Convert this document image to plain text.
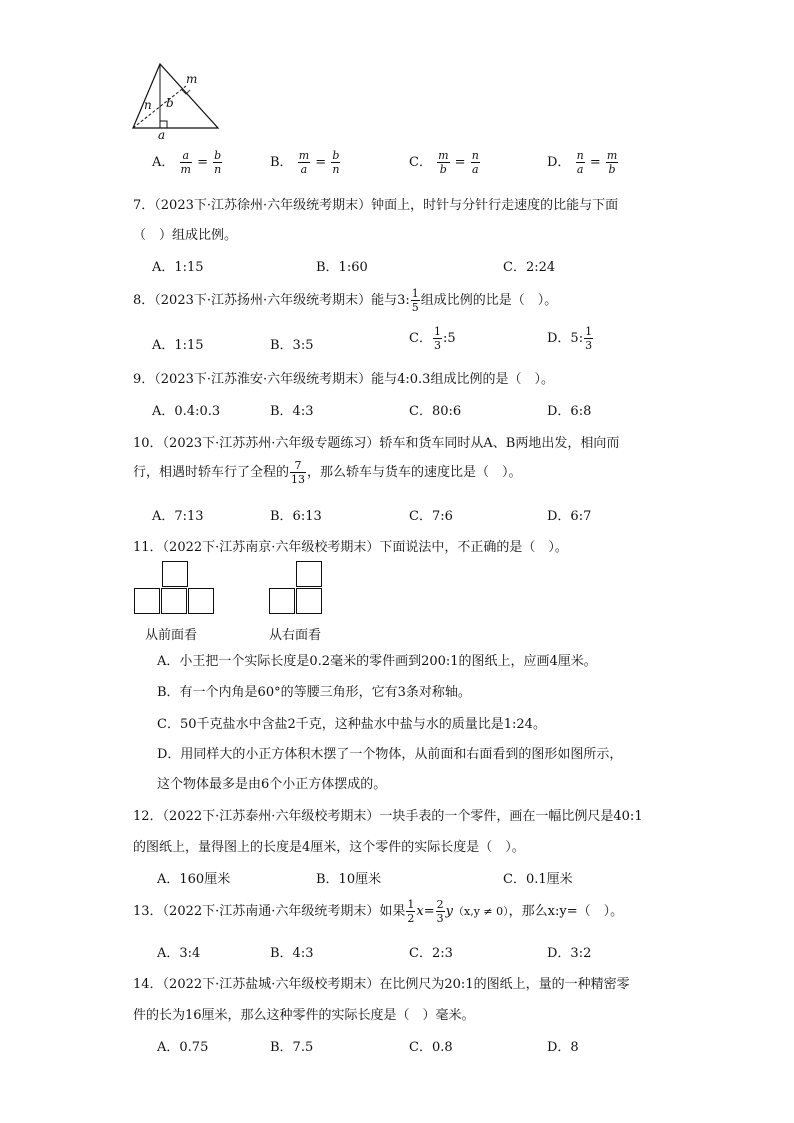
m
n b
a
A． $\frac{a}{m} = \frac{b}{n}$	B． $\frac{m}{a} = \frac{b}{n}$	C． $\frac{m}{b} = \frac{n}{a}$	D． $\frac{n}{a} = \frac{m}{b}$
7．（2023下·江苏徐州·六年级统考期末）钟面上，时针与分针行走速度的比能与下面
（　）组成比例。
A．1:15	B．1:60	C．2:24
8．（2023下·江苏扬州·六年级统考期末）能与3: $\frac{1}{5}$ 组成比例的比是（　）。
A．1:15	B．3:5	C． $\frac{1}{3}$ :5	D．5: $\frac{1}{3}$
9．（2023下·江苏淮安·六年级统考期末）能与4:0.3组成比例的是（　）。
A．0.4:0.3	B．4:3	C．80:6	D．6:8
10．（2023下·江苏苏州·六年级专题练习）轿车和货车同时从A、B两地出发，相向而
行，相遇时轿车行了全程的 $\frac{7}{13}$ ，那么轿车与货车的速度比是（　）。
A．7:13	B．6:13	C．7:6	D．6:7
11．（2022下·江苏南京·六年级校考期末）下面说法中，不正确的是（　）。
从前面看	从右面看
A．小王把一个实际长度是0.2毫米的零件画到200:1的图纸上，应画4厘米。
B．有一个内角是60°的等腰三角形，它有3条对称轴。
C．50千克盐水中含盐2千克，这种盐水中盐与水的质量比是1:24。
D．用同样大的小正方体积木摆了一个物体，从前面和右面看到的图形如图所示，
这个物体最多是由6个小正方体摆成的。
12．（2022下·江苏泰州·六年级校考期末）一块手表的一个零件，画在一幅比例尺是40:1
的图纸上，量得图上的长度是4厘米，这个零件的实际长度是（　）。
A．160厘米	B．10厘米	C．0.1厘米
13．（2022下·江苏南通·六年级统考期末）如果 $\frac{1}{2} x= \frac{2}{3} y(x,y \ne 0)$，那么x:y=（　）。
A．3:4	B．4:3	C．2:3	D．3:2
14．（2022下·江苏盐城·六年级校考期末）在比例尺为20:1的图纸上，量的一种精密零
件的长为16厘米，那么这种零件的实际长度是（　）毫米。
A．0.75	B．7.5	C．0.8	D．8
